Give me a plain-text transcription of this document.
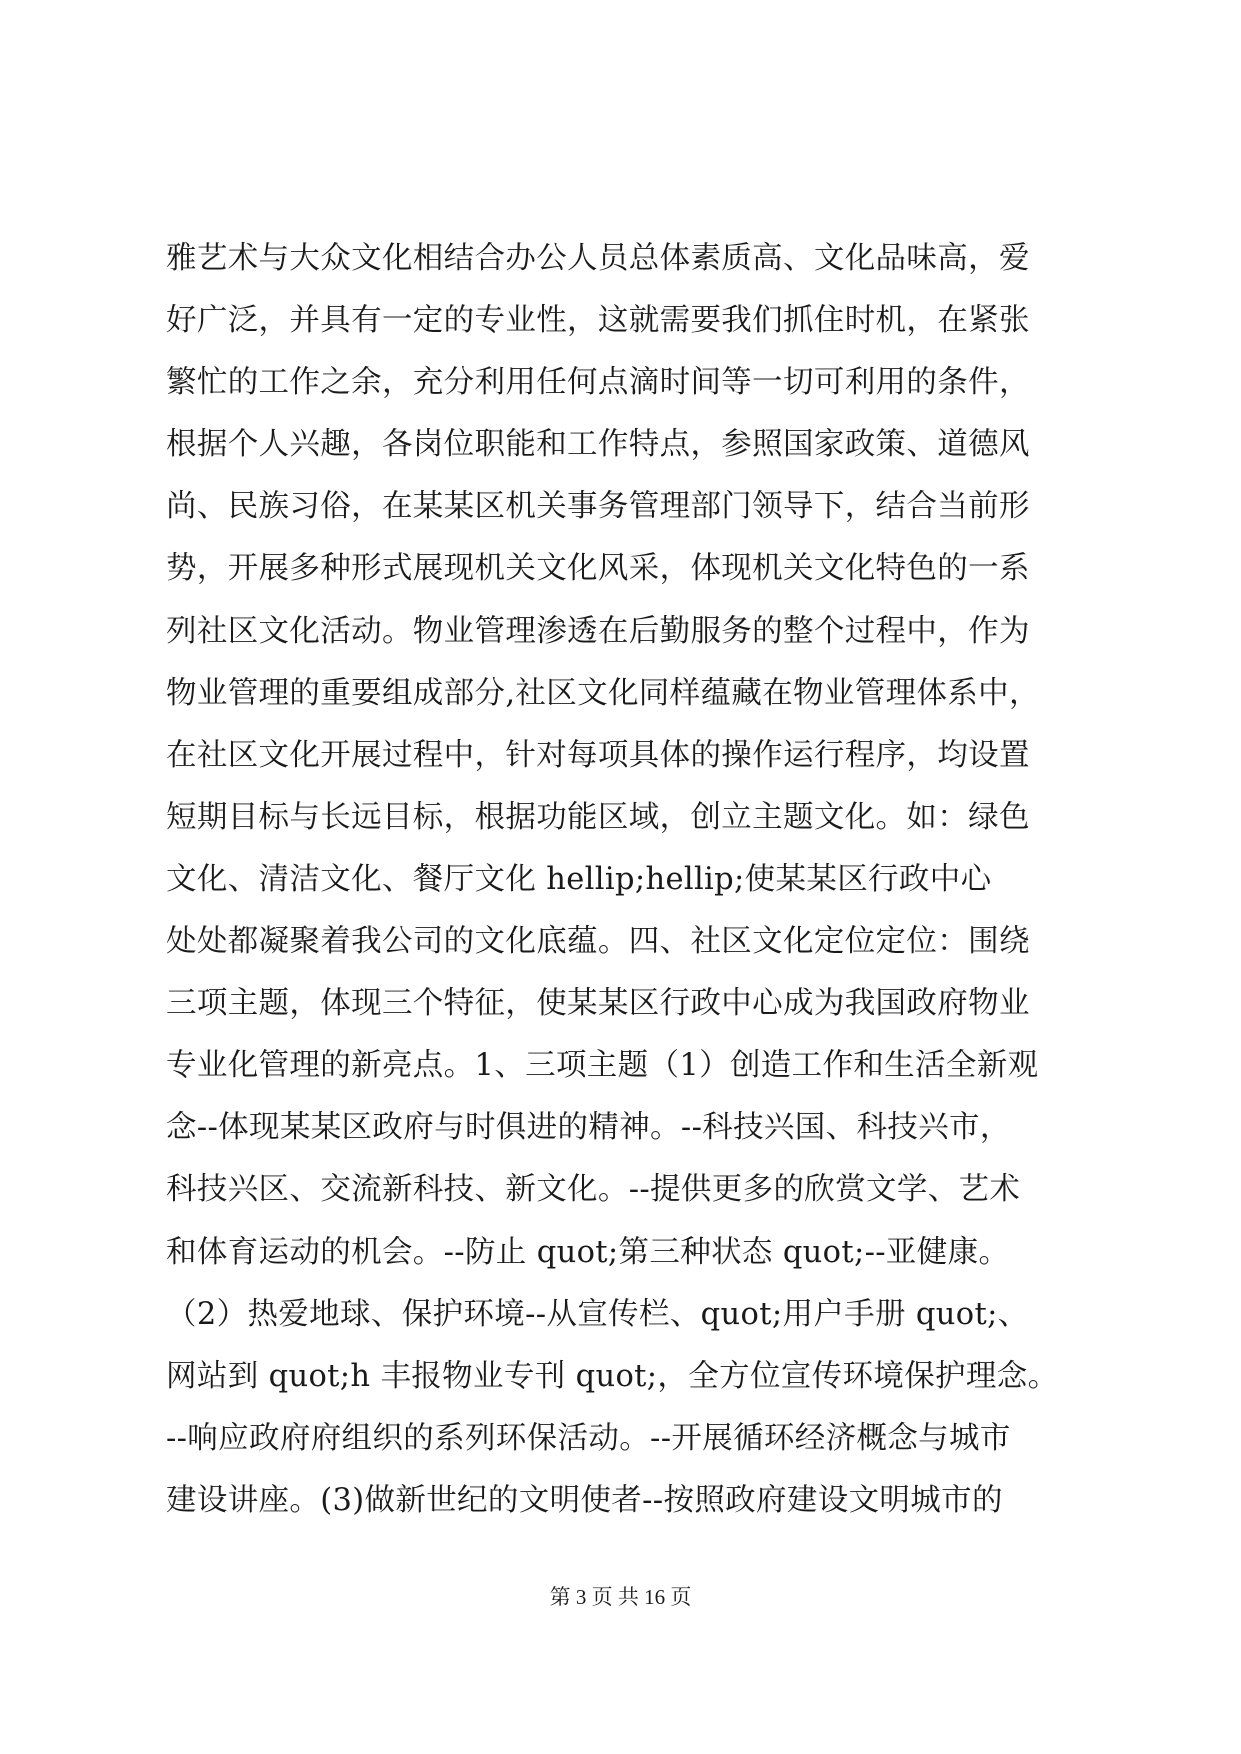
雅艺术与大众文化相结合办公人员总体素质高、文化品味高，爱
好广泛，并具有一定的专业性，这就需要我们抓住时机，在紧张
繁忙的工作之余，充分利用任何点滴时间等一切可利用的条件，
根据个人兴趣，各岗位职能和工作特点，参照国家政策、道德风
尚、民族习俗，在某某区机关事务管理部门领导下，结合当前形
势，开展多种形式展现机关文化风采，体现机关文化特色的一系
列社区文化活动。物业管理渗透在后勤服务的整个过程中，作为
物业管理的重要组成部分,社区文化同样蕴藏在物业管理体系中，
在社区文化开展过程中，针对每项具体的操作运行程序，均设置
短期目标与长远目标，根据功能区域，创立主题文化。如：绿色
文化、清洁文化、餐厅文化 hellip;hellip;使某某区行政中心
处处都凝聚着我公司的文化底蕴。四、社区文化定位定位：围绕
三项主题，体现三个特征，使某某区行政中心成为我国政府物业
专业化管理的新亮点。1、三项主题（1）创造工作和生活全新观
念--体现某某区政府与时俱进的精神。--科技兴国、科技兴市，
科技兴区、交流新科技、新文化。--提供更多的欣赏文学、艺术
和体育运动的机会。--防止 quot;第三种状态 quot;--亚健康。
（2）热爱地球、保护环境--从宣传栏、quot;用户手册 quot;、
网站到 quot;h 丰报物业专刊 quot;，全方位宣传环境保护理念。
--响应政府府组织的系列环保活动。--开展循环经济概念与城市
建设讲座。(3)做新世纪的文明使者--按照政府建设文明城市的
第 3 页 共 16 页
